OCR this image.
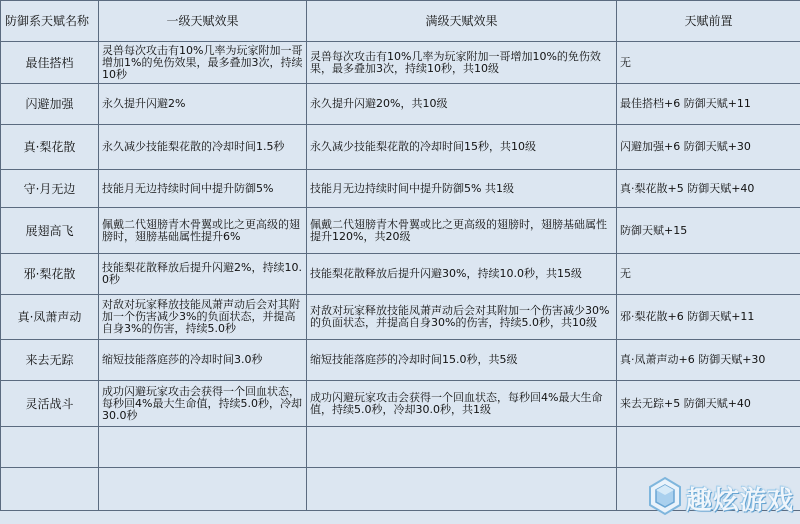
防御系天赋名称	一级天赋效果	满级天赋效果	天赋前置
最佳搭档	灵兽每次攻击有10%几率为玩家附加一哥增加1%的免伤效果，最多叠加3次，持续10秒	灵兽每次攻击有10%几率为玩家附加一哥增加10%的免伤效果，最多叠加3次，持续10秒，共10级	无
闪避加强	永久提升闪避2%	永久提升闪避20%，共10级	最佳搭档+6 防御天赋+11
真·梨花散	永久减少技能梨花散的冷却时间1.5秒	永久减少技能梨花散的冷却时间15秒，共10级	闪避加强+6 防御天赋+30
守·月无边	技能月无边持续时间中提升防御5%	技能月无边持续时间中提升防御5% 共1级	真·梨花散+5 防御天赋+40
展翅高飞	佩戴二代翅膀青木骨翼或比之更高级的翅膀时，翅膀基础属性提升6%	佩戴二代翅膀青木骨翼或比之更高级的翅膀时，翅膀基础属性提升120%，共20级	防御天赋+15
邪·梨花散	技能梨花散释放后提升闪避2%，持续10.0秒	技能梨花散释放后提升闪避30%，持续10.0秒，共15级	无
真·凤萧声动	对敌对玩家释放技能凤萧声动后会对其附加一个伤害减少3%的负面状态，并提高自身3%的伤害，持续5.0秒	对敌对玩家释放技能凤萧声动后会对其附加一个伤害减少30%的负面状态，并提高自身30%的伤害，持续5.0秒，共10级	邪·梨花散+6 防御天赋+11
来去无踪	缩短技能落庭莎的冷却时间3.0秒	缩短技能落庭莎的冷却时间15.0秒，共5级	真·凤萧声动+6 防御天赋+30
灵活战斗	成功闪避玩家攻击会获得一个回血状态，每秒回4%最大生命值，持续5.0秒，冷却30.0秒	成功闪避玩家攻击会获得一个回血状态，每秒回4%最大生命值，持续5.0秒，冷却30.0秒，共1级	来去无踪+5 防御天赋+40

趣炫游戏
